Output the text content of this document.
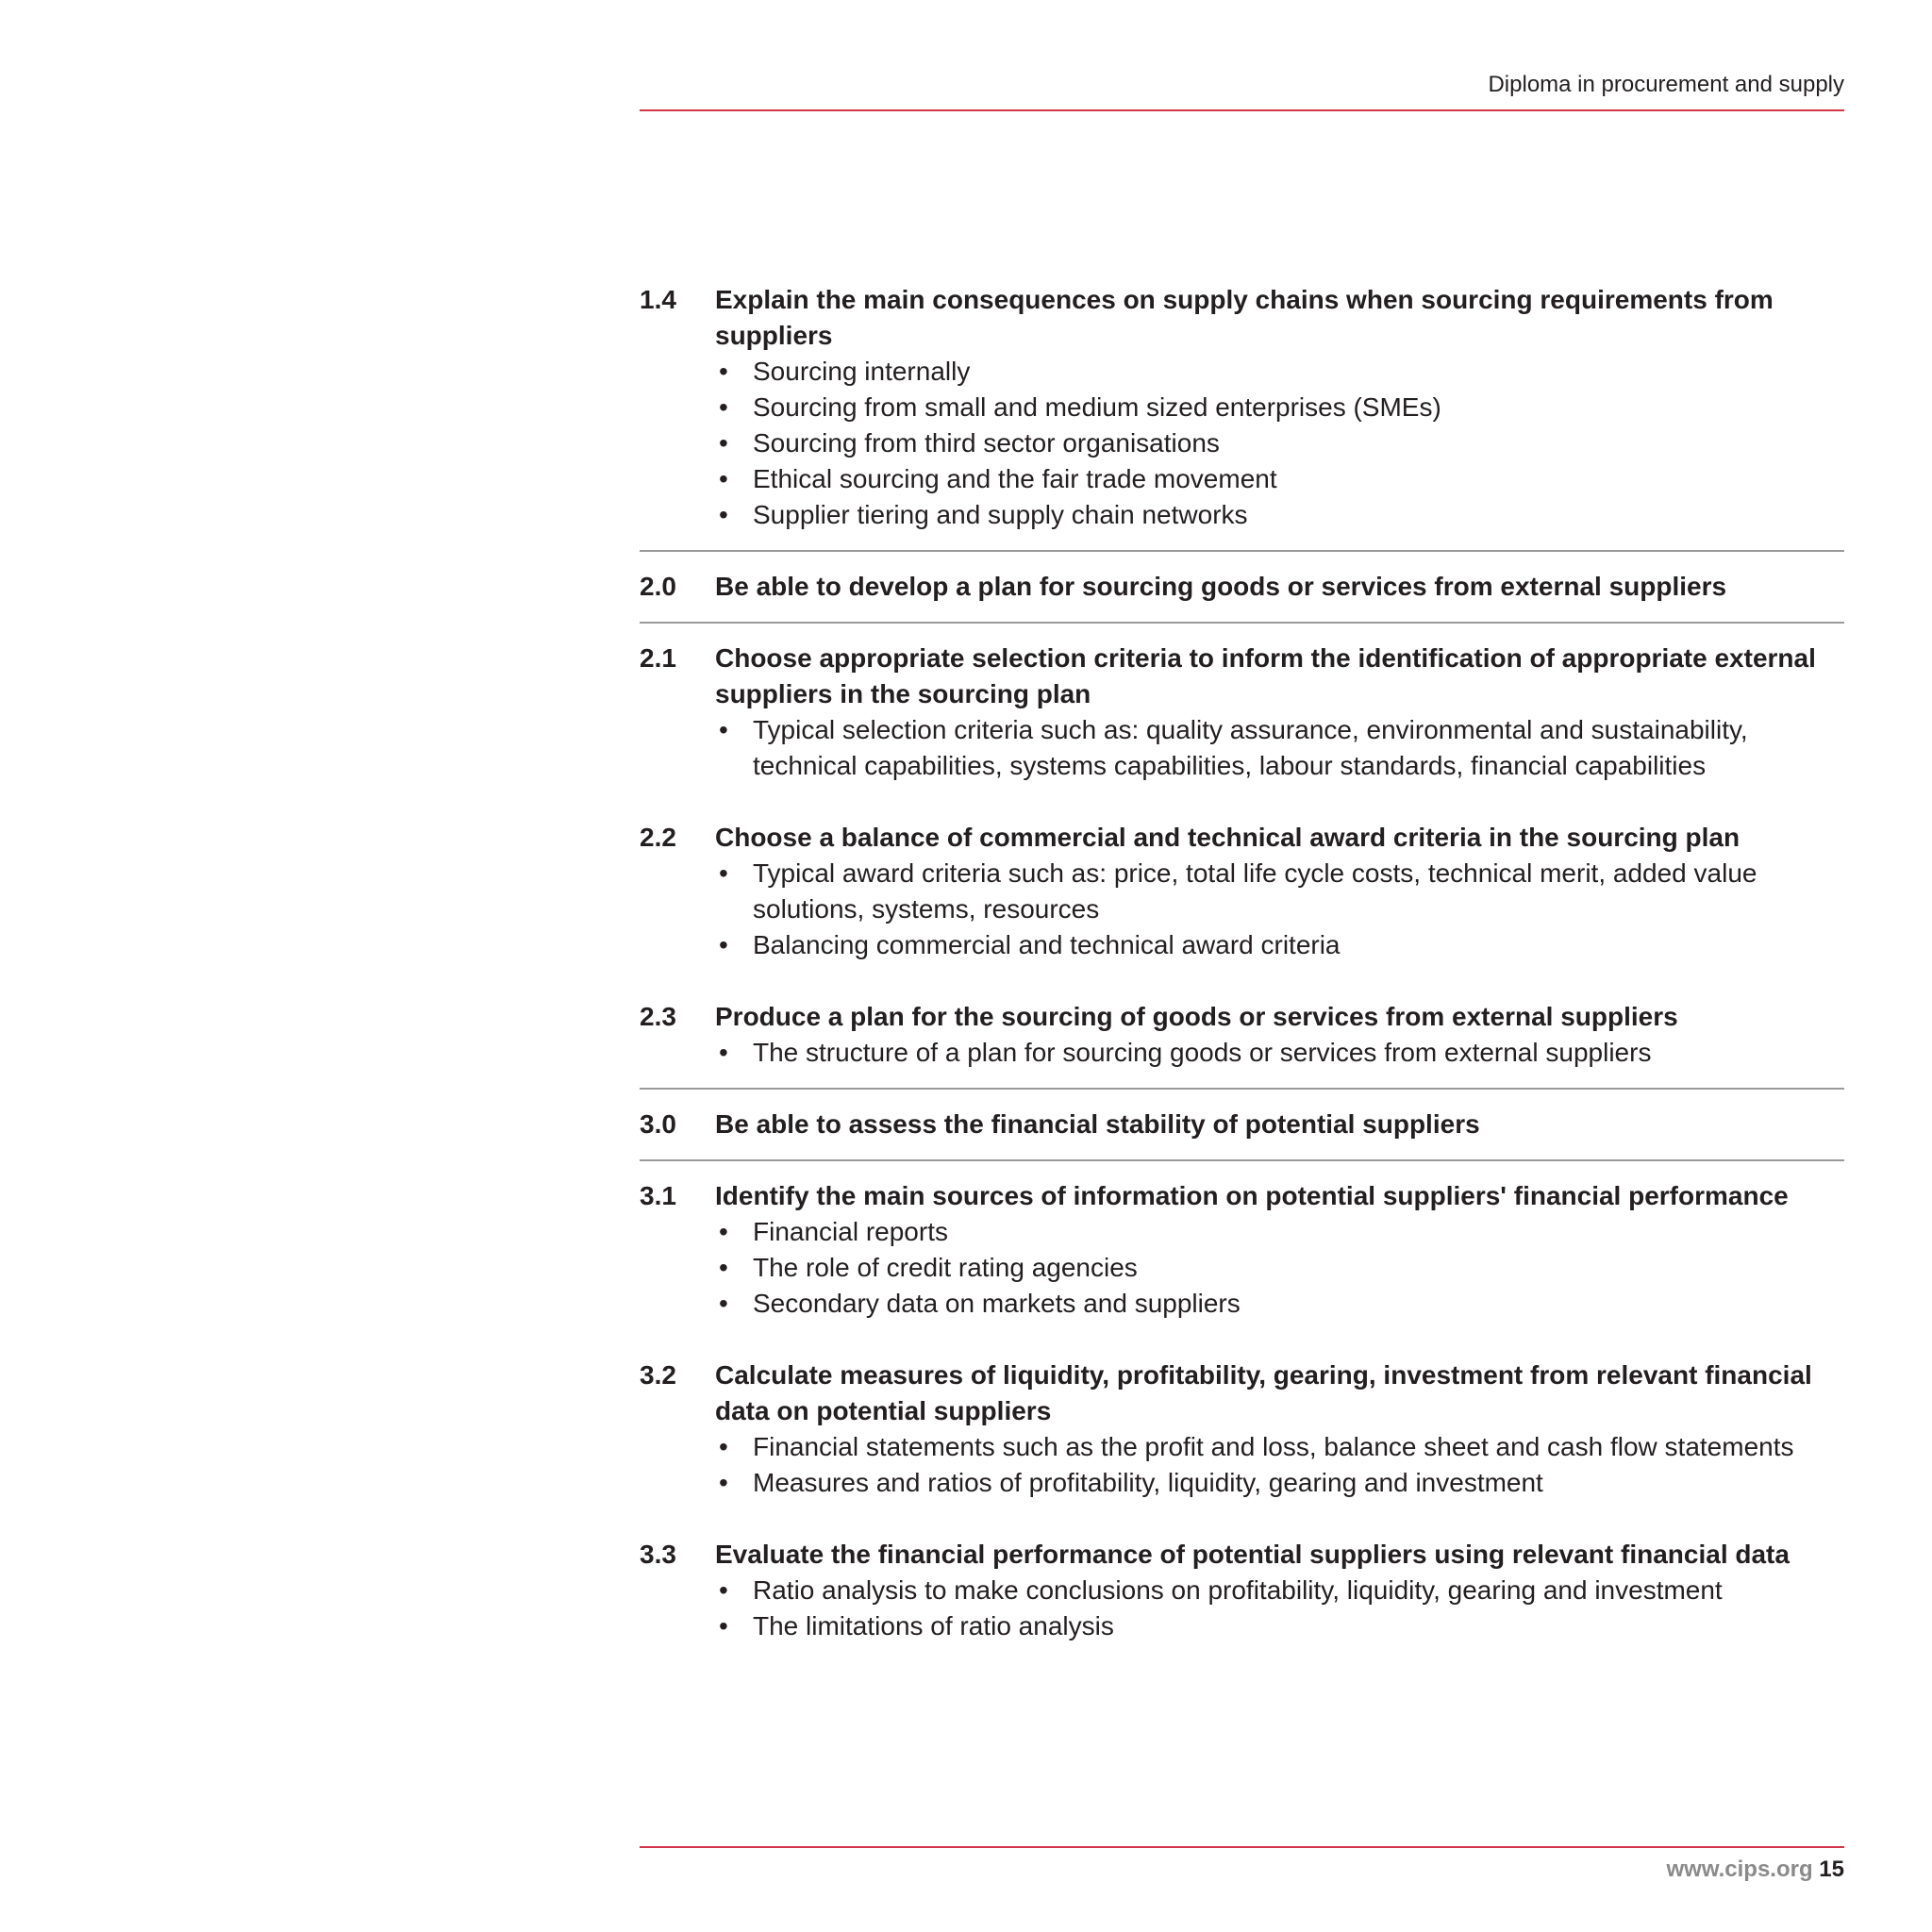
Diploma in procurement and supply
1.4	Explain the main consequences on supply chains when sourcing requirements from suppliers
• Sourcing internally
• Sourcing from small and medium sized enterprises (SMEs)
• Sourcing from third sector organisations
• Ethical sourcing and the fair trade movement
• Supplier tiering and supply chain networks
2.0	Be able to develop a plan for sourcing goods or services from external suppliers
2.1	Choose appropriate selection criteria to inform the identification of appropriate external suppliers in the sourcing plan
• Typical selection criteria such as: quality assurance, environmental and sustainability, technical capabilities, systems capabilities, labour standards, financial capabilities
2.2	Choose a balance of commercial and technical award criteria in the sourcing plan
• Typical award criteria such as: price, total life cycle costs, technical merit, added value solutions, systems, resources
• Balancing commercial and technical award criteria
2.3	Produce a plan for the sourcing of goods or services from external suppliers
• The structure of a plan for sourcing goods or services from external suppliers
3.0	Be able to assess the financial stability of potential suppliers
3.1	Identify the main sources of information on potential suppliers' financial performance
• Financial reports
• The role of credit rating agencies
• Secondary data on markets and suppliers
3.2	Calculate measures of liquidity, profitability, gearing, investment from relevant financial data on potential suppliers
• Financial statements such as the profit and loss, balance sheet and cash flow statements
• Measures and ratios of profitability, liquidity, gearing and investment
3.3	Evaluate the financial performance of potential suppliers using relevant financial data
• Ratio analysis to make conclusions on profitability, liquidity, gearing and investment
• The limitations of ratio analysis
www.cips.org 15
